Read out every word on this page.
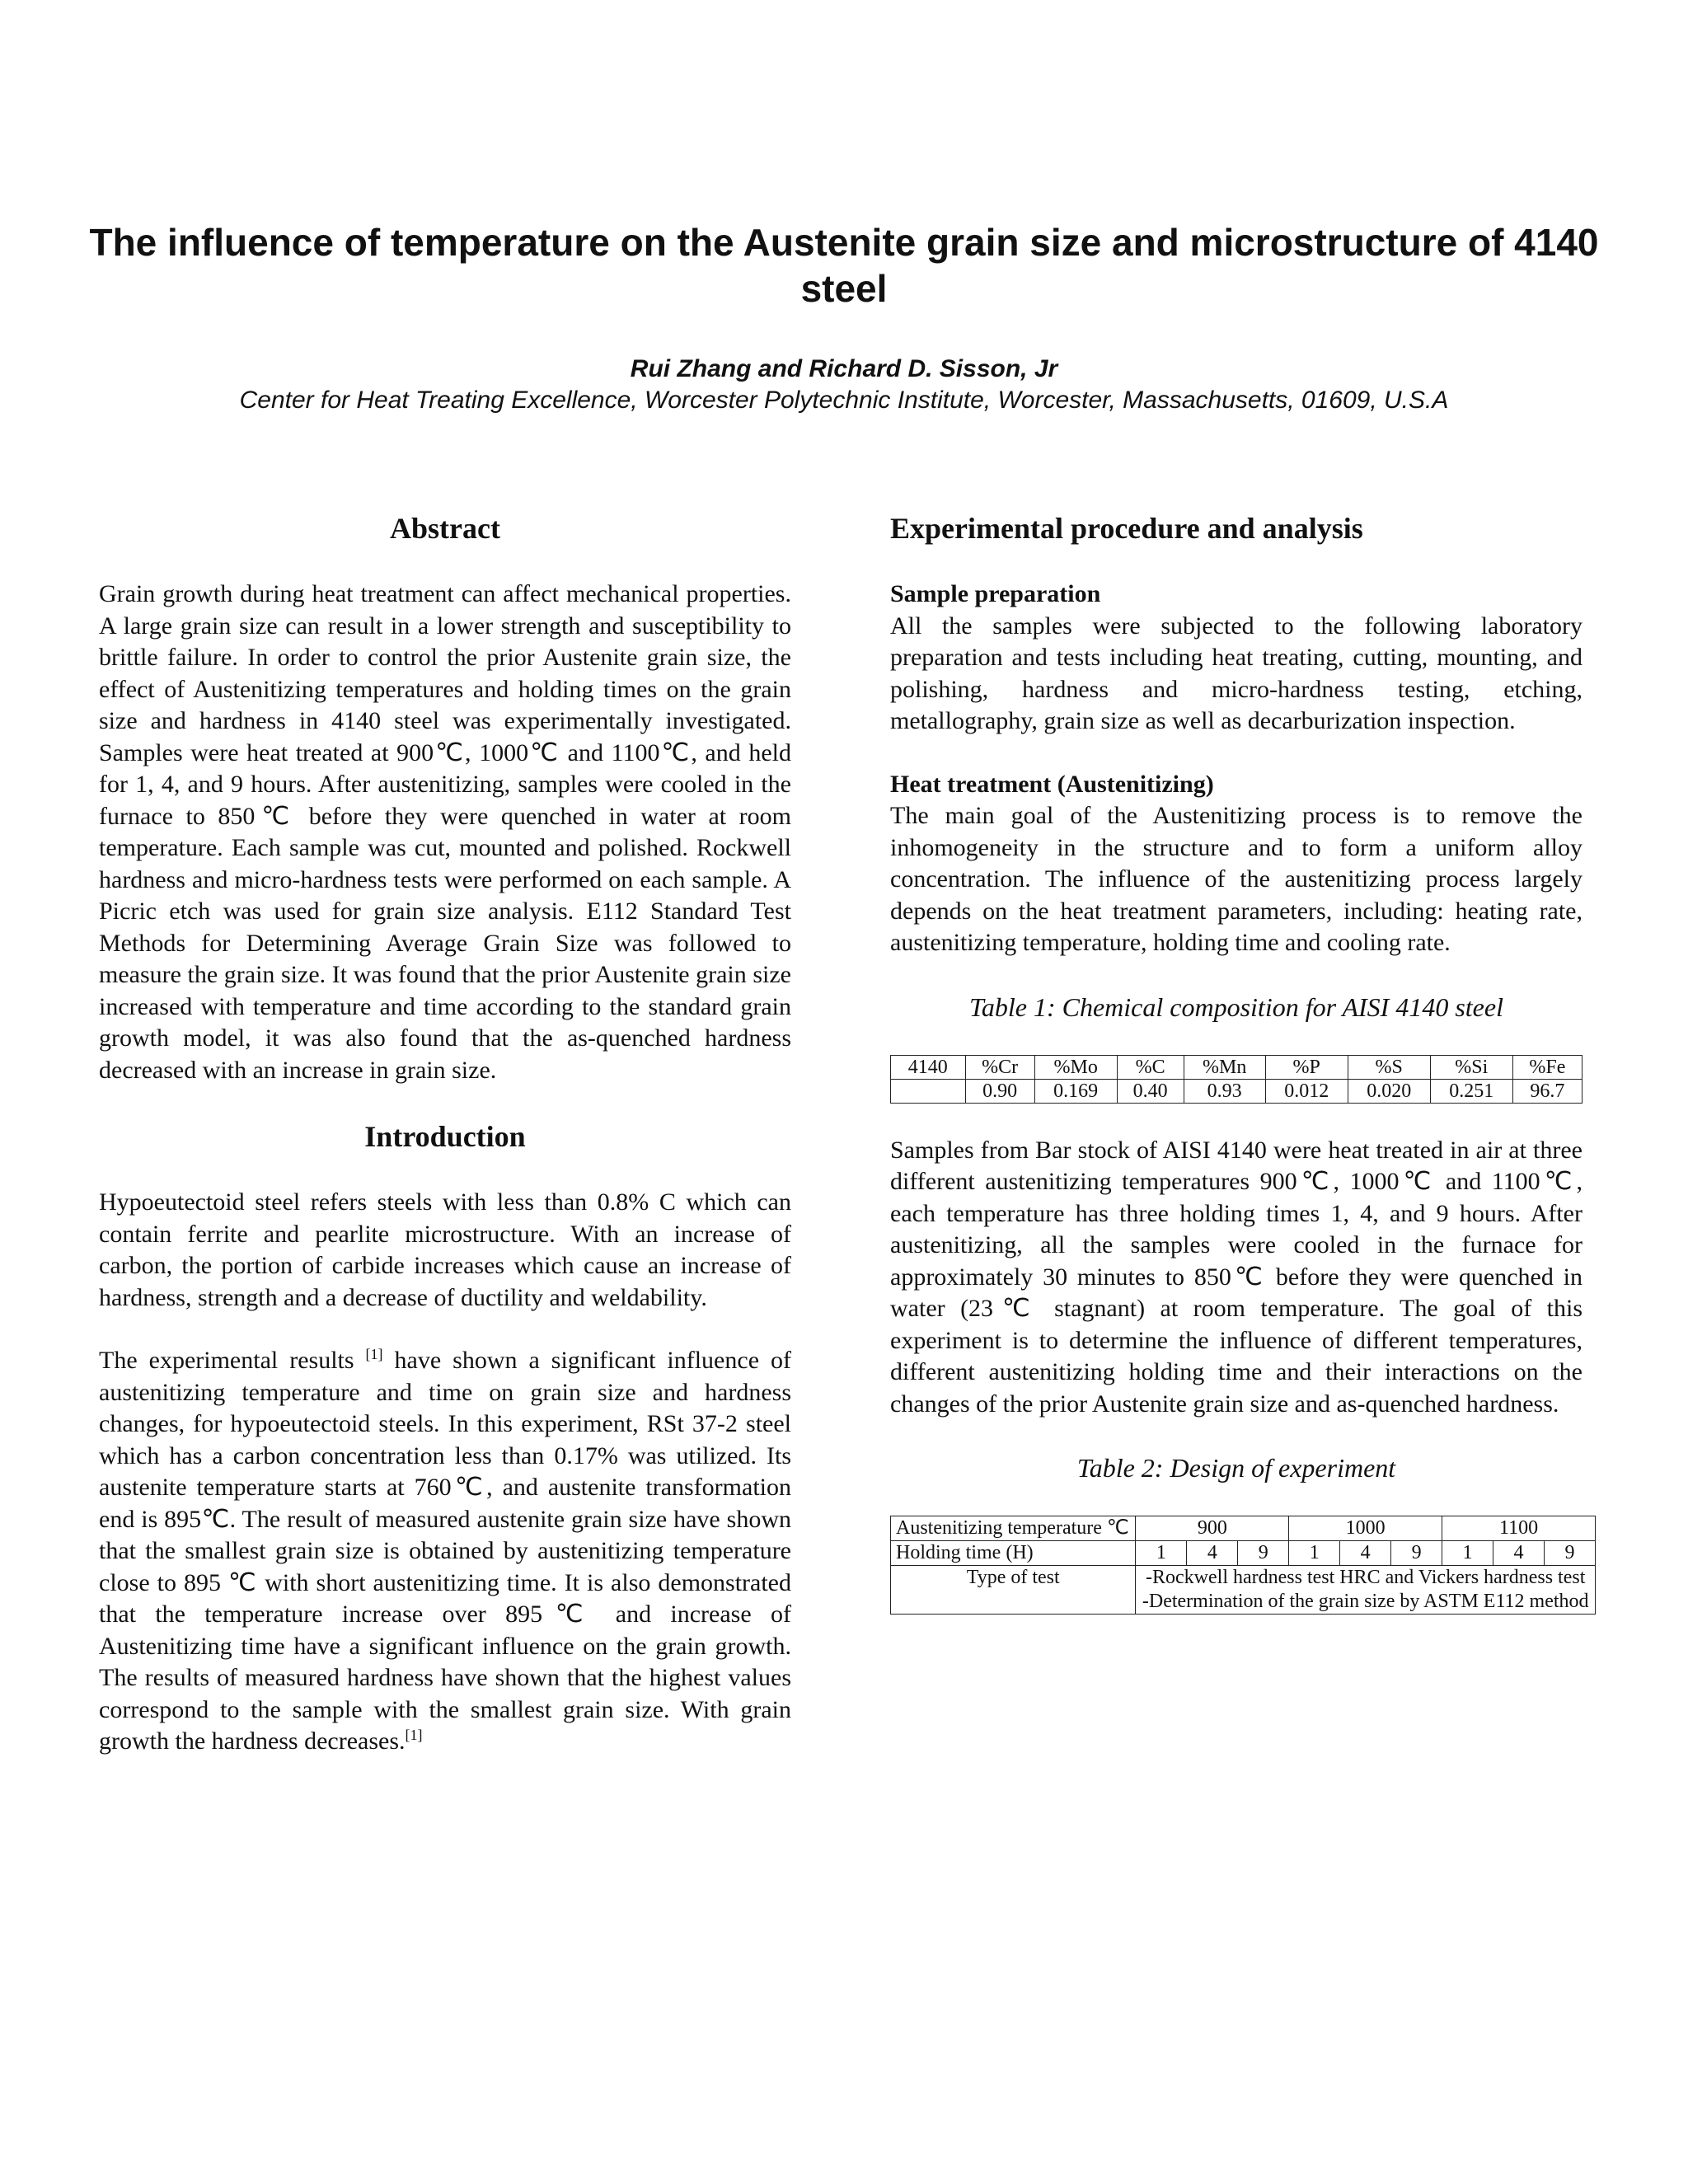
The influence of temperature on the Austenite grain size and microstructure of 4140 steel
Rui Zhang and Richard D. Sisson, Jr
Center for Heat Treating Excellence, Worcester Polytechnic Institute, Worcester, Massachusetts, 01609, U.S.A
Abstract

Grain growth during heat treatment can affect mechanical properties. A large grain size can result in a lower strength and susceptibility to brittle failure. In order to control the prior Austenite grain size, the effect of Austenitizing temperatures and holding times on the grain size and hardness in 4140 steel was experimentally investigated. Samples were heat treated at 900℃, 1000℃ and 1100℃, and held for 1, 4, and 9 hours. After austenitizing, samples were cooled in the furnace to 850℃ before they were quenched in water at room temperature. Each sample was cut, mounted and polished. Rockwell hardness and micro-hardness tests were performed on each sample. A Picric etch was used for grain size analysis. E112 Standard Test Methods for Determining Average Grain Size was followed to measure the grain size. It was found that the prior Austenite grain size increased with temperature and time according to the standard grain growth model, it was also found that the as-quenched hardness decreased with an increase in grain size.

Introduction

Hypoeutectoid steel refers steels with less than 0.8% C which can contain ferrite and pearlite microstructure. With an increase of carbon, the portion of carbide increases which cause an increase of hardness, strength and a decrease of ductility and weldability.

The experimental results [1] have shown a significant influence of austenitizing temperature and time on grain size and hardness changes, for hypoeutectoid steels. In this experiment, RSt 37-2 steel which has a carbon concentration less than 0.17% was utilized. Its austenite temperature starts at 760℃, and austenite transformation end is 895℃. The result of measured austenite grain size have shown that the smallest grain size is obtained by austenitizing temperature close to 895 ℃ with short austenitizing time. It is also demonstrated that the temperature increase over 895℃ and increase of Austenitizing time have a significant influence on the grain growth. The results of measured hardness have shown that the highest values correspond to the sample with the smallest grain size. With grain growth the hardness decreases.[1]

Experimental procedure and analysis

Sample preparation

All the samples were subjected to the following laboratory preparation and tests including heat treating, cutting, mounting, and polishing, hardness and micro-hardness testing, etching, metallography, grain size as well as decarburization inspection.

Heat treatment (Austenitizing)

The main goal of the Austenitizing process is to remove the inhomogeneity in the structure and to form a uniform alloy concentration. The influence of the austenitizing process largely depends on the heat treatment parameters, including: heating rate, austenitizing temperature, holding time and cooling rate.

Table 1: Chemical composition for AISI 4140 steel

4140	%Cr	%Mo	%C	%Mn	%P	%S	%Si	%Fe
	0.90	0.169	0.40	0.93	0.012	0.020	0.251	96.7

Samples from Bar stock of AISI 4140 were heat treated in air at three different austenitizing temperatures 900℃, 1000℃ and 1100℃, each temperature has three holding times 1, 4, and 9 hours. After austenitizing, all the samples were cooled in the furnace for approximately 30 minutes to 850℃ before they were quenched in water (23℃ stagnant) at room temperature. The goal of this experiment is to determine the influence of different temperatures, different austenitizing holding time and their interactions on the changes of the prior Austenite grain size and as-quenched hardness.

Table 2: Design of experiment

Austenitizing temperature ℃	900			1000			1100		
Holding time (H)	1	4	9	1	4	9	1	4	9
Type of test	-Rockwell hardness test HRC and Vickers hardness test
-Determination of the grain size by ASTM E112 method								
